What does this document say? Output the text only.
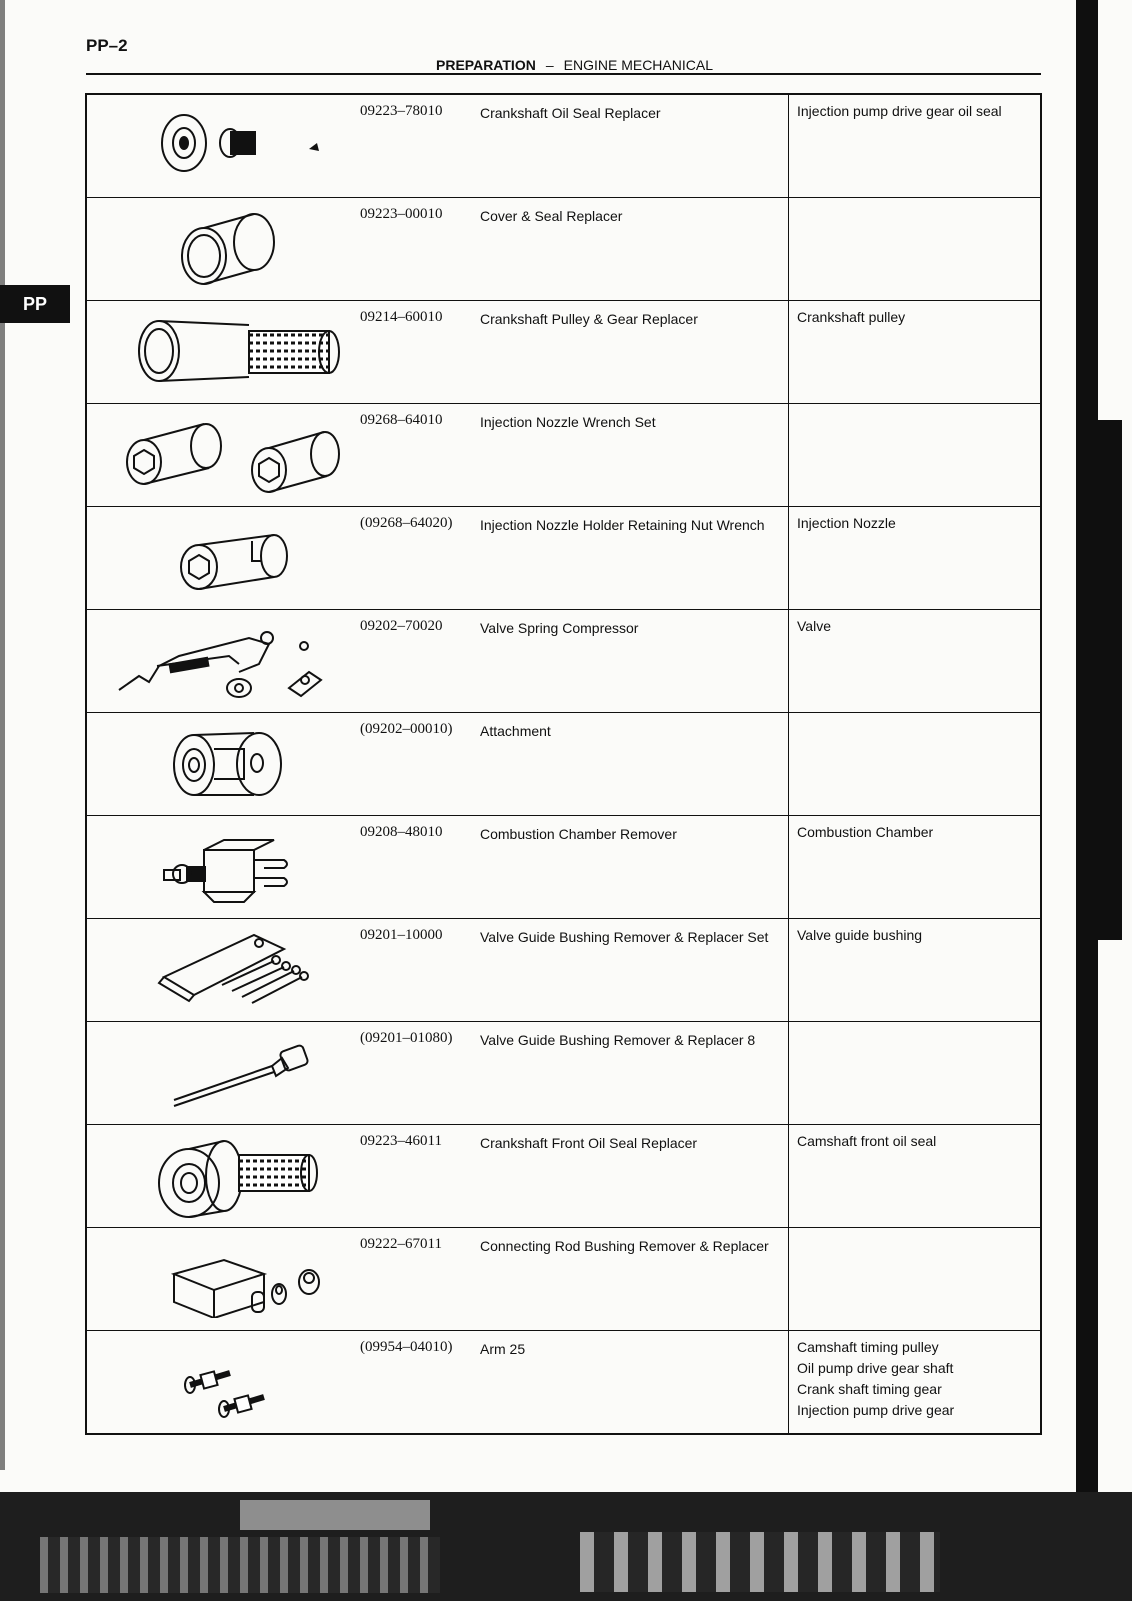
PP–2
PREPARATION – ENGINE MECHANICAL
PP
	09223–78010	Crankshaft Oil Seal Replacer	Injection pump drive gear oil seal

	09223–00010	Cover & Seal Replacer	

	09214–60010	Crankshaft Pulley & Gear Replacer	Crankshaft pulley

	09268–64010	Injection Nozzle Wrench Set	

	(09268–64020)	Injection Nozzle Holder Retaining Nut Wrench	Injection Nozzle

	09202–70020	Valve Spring Compressor	Valve

	(09202–00010)	Attachment	

	09208–48010	Combustion Chamber Remover	Combustion Chamber

	09201–10000	Valve Guide Bushing Remover & Replacer Set	Valve guide bushing

	(09201–01080)	Valve Guide Bushing Remover & Replacer 8	

	09223–46011	Crankshaft Front Oil Seal Replacer	Camshaft front oil seal

	09222–67011	Connecting Rod Bushing Remover & Replacer	

	(09954–04010)	Arm 25	Camshaft timing pulley
Oil pump drive gear shaft
Crank shaft timing gear
Injection pump drive gear
